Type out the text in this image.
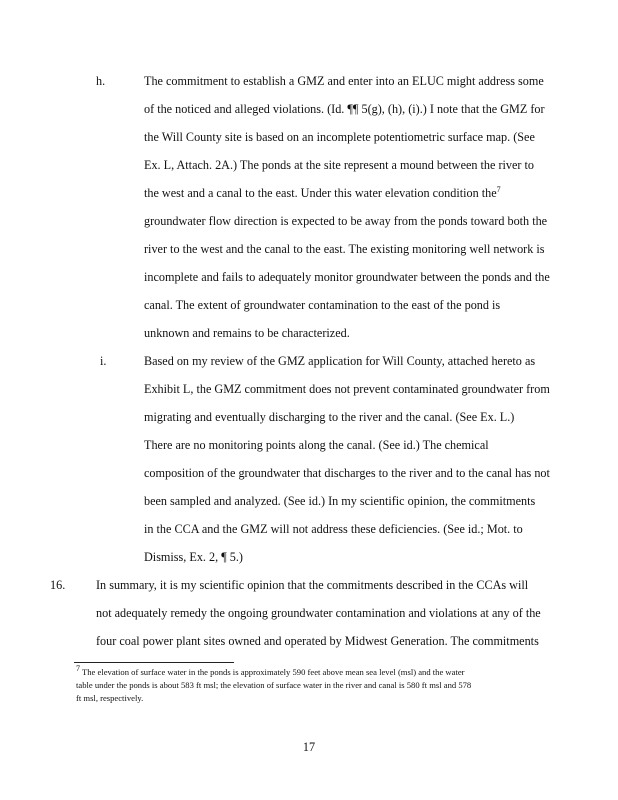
h.	The commitment to establish a GMZ and enter into an ELUC might address some
of the noticed and alleged violations. (Id. ¶¶ 5(g), (h), (i).) I note that the GMZ for
the Will County site is based on an incomplete potentiometric surface map. (See
Ex. L, Attach. 2A.) The ponds at the site represent a mound between the river to
the west and a canal to the east. Under this water elevation condition the$^7$
groundwater flow direction is expected to be away from the ponds toward both the
river to the west and the canal to the east. The existing monitoring well network is
incomplete and fails to adequately monitor groundwater between the ponds and the
canal. The extent of groundwater contamination to the east of the pond is
unknown and remains to be characterized.
i.	Based on my review of the GMZ application for Will County, attached hereto as
Exhibit L, the GMZ commitment does not prevent contaminated groundwater from
migrating and eventually discharging to the river and the canal. (See Ex. L.)
There are no monitoring points along the canal. (See id.) The chemical
composition of the groundwater that discharges to the river and to the canal has not
been sampled and analyzed. (See id.) In my scientific opinion, the commitments
in the CCA and the GMZ will not address these deficiencies. (See id.; Mot. to
Dismiss, Ex. 2, ¶ 5.)
16.	In summary, it is my scientific opinion that the commitments described in the CCAs will
not adequately remedy the ongoing groundwater contamination and violations at any of the
four coal power plant sites owned and operated by Midwest Generation. The commitments
$^7$ The elevation of surface water in the ponds is approximately 590 feet above mean sea level (msl) and the water
table under the ponds is about 583 ft msl; the elevation of surface water in the river and canal is 580 ft msl and 578
ft msl, respectively.
17
